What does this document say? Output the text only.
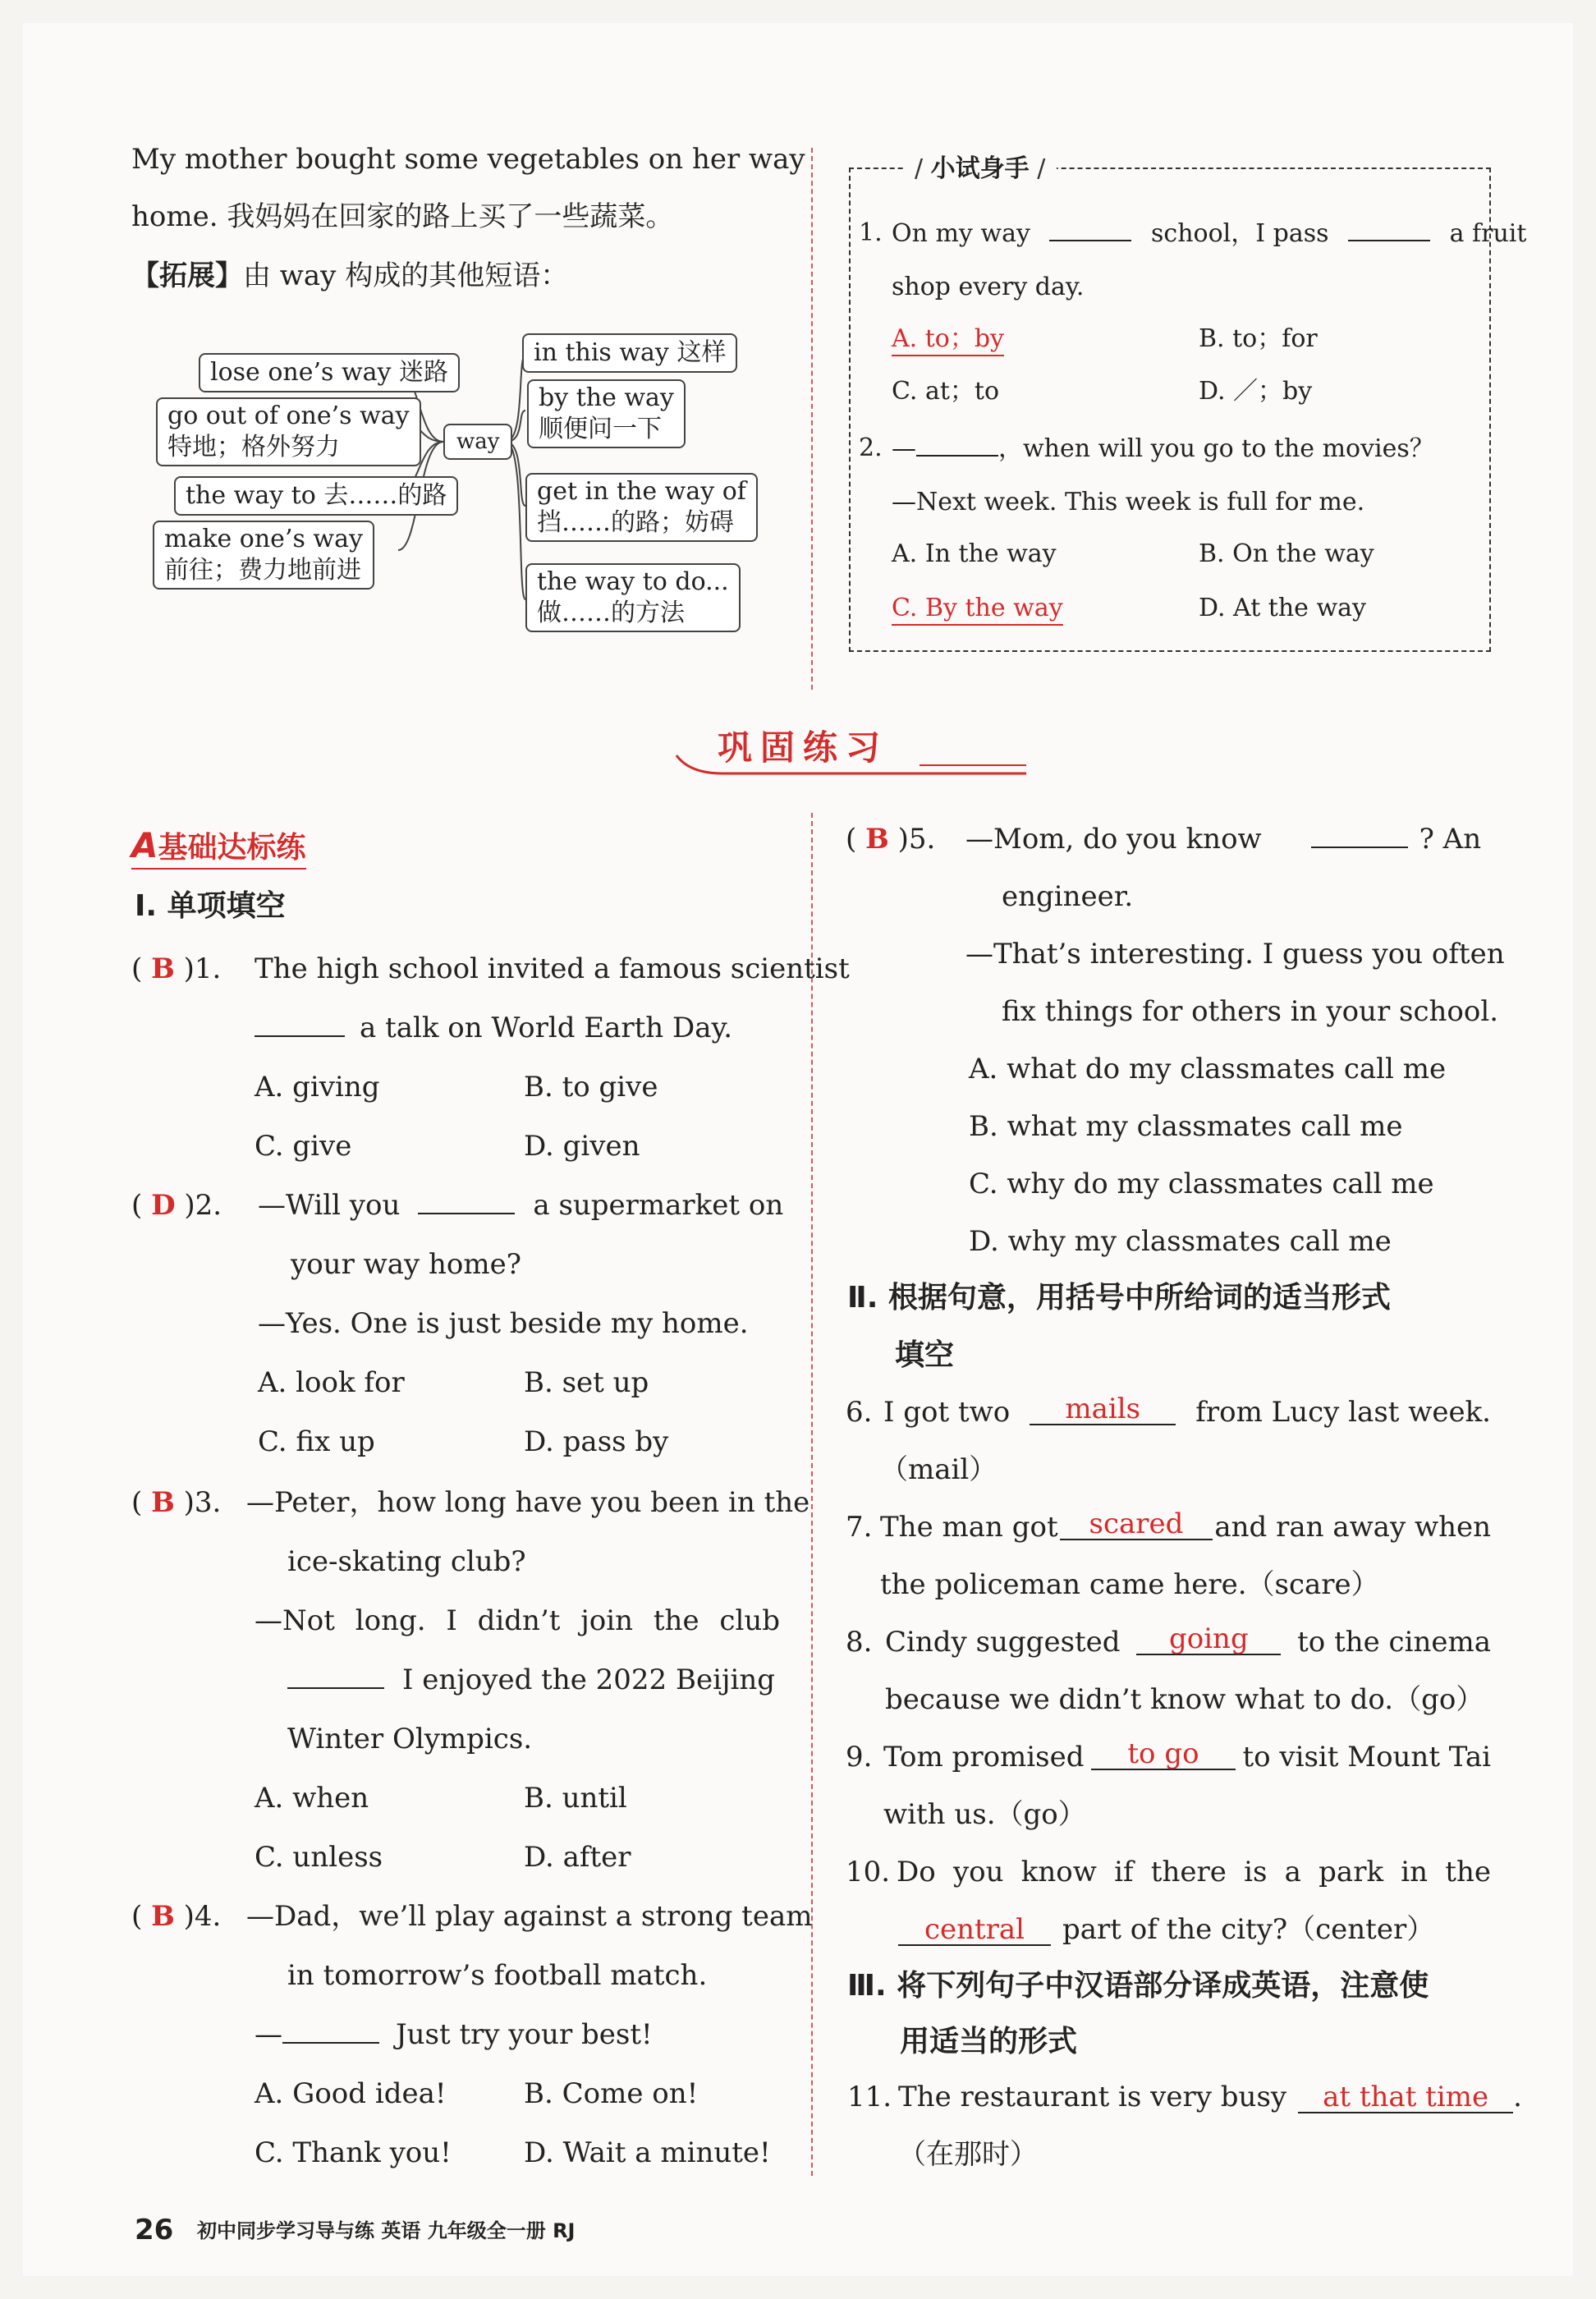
My mother bought some vegetables on her way
home. 我妈妈在回家的路上买了一些蔬菜。
【拓展】由 way 构成的其他短语：
lose one’s way 迷路
go out of one’s way
特地；格外努力
the way to 去……的路
make one’s way
前往；费力地前进
way
in this way 这样
by the way
顺便问一下
get in the way of
挡……的路；妨碍
the way to do...
做……的方法
/ 小试身手 /
1. On my way	school，I pass	a fruit
shop every day.
A. to；by	B. to；for
C. at；to	D. ／；by
2. —	，when will you go to the movies？
—Next week. This week is full for me.
A. In the way	B. On the way
C. By the way	D. At the way
巩固练习
A基础达标练
Ⅰ. 单项填空
( B )1. The high school invited a famous scientist
a talk on World Earth Day.
A. giving	B. to give
C. give	D. given
( D )2. —Will you	a supermarket on
your way home?
—Yes. One is just beside my home.
A. look for	B. set up
C. fix up	D. pass by
( B )3. —Peter，how long have you been in the
ice-skating club?
—Not long. I didn’t join the club
I enjoyed the 2022 Beijing
Winter Olympics.
A. when	B. until
C. unless	D. after
( B )4. —Dad，we’ll play against a strong team
in tomorrow’s football match.
—	Just try your best!
A. Good idea!	B. Come on!
C. Thank you!	D. Wait a minute!
( B )5. —Mom, do you know	? An
engineer.
—That’s interesting. I guess you often
fix things for others in your school.
A. what do my classmates call me
B. what my classmates call me
C. why do my classmates call me
D. why my classmates call me
Ⅱ. 根据句意，用括号中所给词的适当形式
填空
6. I got two	mails	from Lucy last week.
（mail）
7. The man got	scared	and ran away when
the policeman came here.（scare）
8. Cindy suggested	going	to the cinema
because we didn’t know what to do.（go）
9. Tom promised	to go	to visit Mount Tai
with us.（go）
10. Do you know if there is a park in the
central part of the city?（center）
Ⅲ. 将下列句子中汉语部分译成英语，注意使
用适当的形式
11. The restaurant is very busy at that time .
（在那时）
26 初中同步学习导与练 英语 九年级全一册 RJ
